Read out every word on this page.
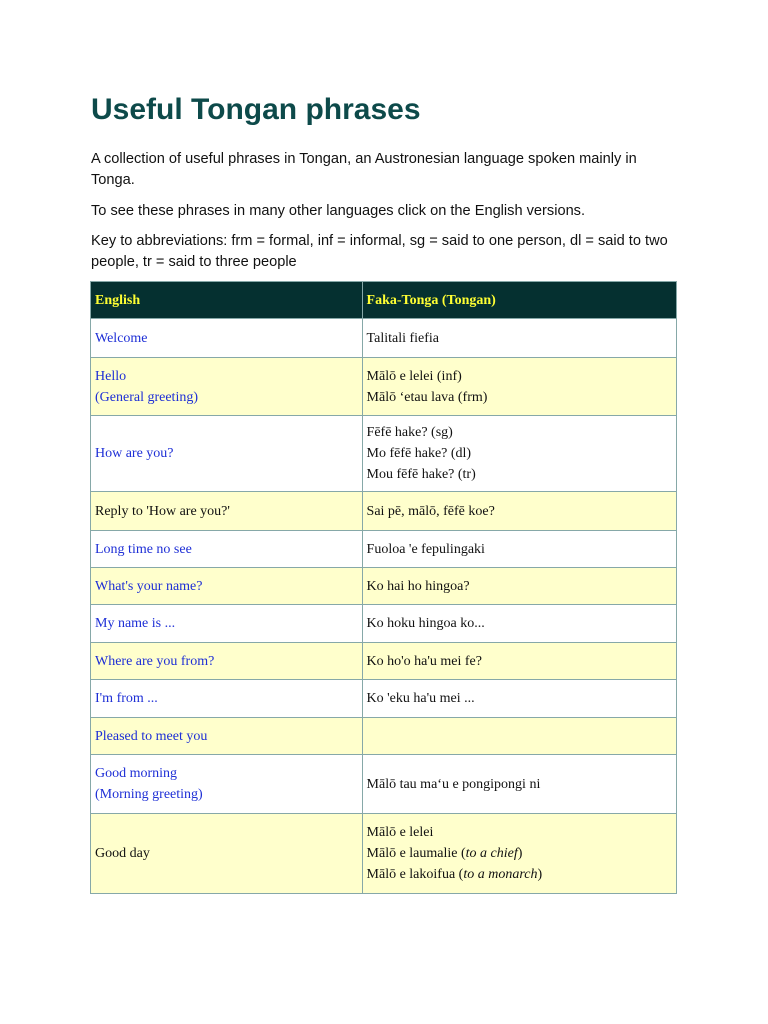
Useful Tongan phrases

A collection of useful phrases in Tongan, an Austronesian language spoken mainly in Tonga.

To see these phrases in many other languages click on the English versions.

Key to abbreviations: frm = formal, inf = informal, sg = said to one person, dl = said to two people, tr = said to three people

English	Faka-Tonga (Tongan)

Welcome	Talitali fiefia

Hello
(General greeting)	Mālō e lelei (inf)
Mālō ʻetau lava (frm)

How are you?	Fēfē hake? (sg)
Mo fēfē hake? (dl)
Mou fēfē hake? (tr)

Reply to 'How are you?'	Sai pē, mālō, fēfē koe?

Long time no see	Fuoloa 'e fepulingaki

What's your name?	Ko hai ho hingoa?

My name is ...	Ko hoku hingoa ko...

Where are you from?	Ko ho'o ha'u mei fe?

I'm from ...	Ko 'eku ha'u mei ...

Pleased to meet you	

Good morning
(Morning greeting)	Mālō tau maʻu e pongipongi ni

Good day	Mālō e lelei
Mālō e laumalie (to a chief)
Mālō e lakoifua (to a monarch)
